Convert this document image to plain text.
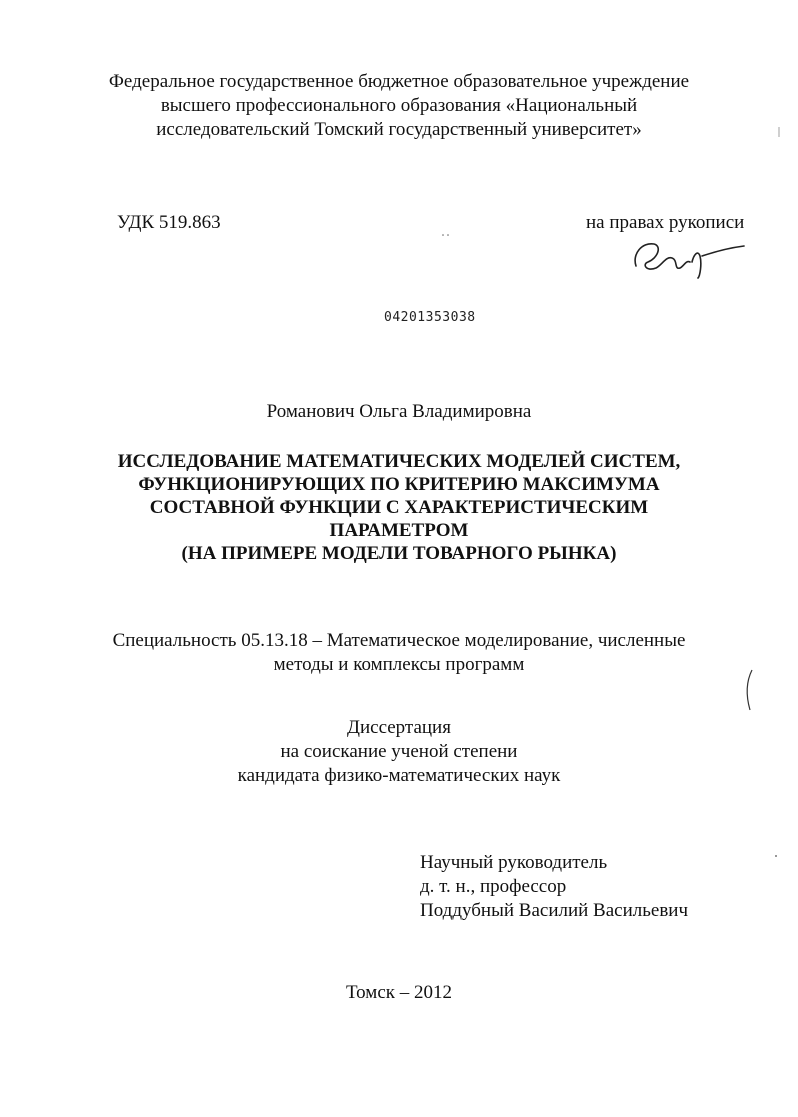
Федеральное государственное бюджетное образовательное учреждение
высшего профессионального образования «Национальный
исследовательский Томский государственный университет»
УДК 519.863	на правах рукописи
04201353038
Романович Ольга Владимировна
ИССЛЕДОВАНИЕ МАТЕМАТИЧЕСКИХ МОДЕЛЕЙ СИСТЕМ,
ФУНКЦИОНИРУЮЩИХ ПО КРИТЕРИЮ МАКСИМУМА
СОСТАВНОЙ ФУНКЦИИ С ХАРАКТЕРИСТИЧЕСКИМ
ПАРАМЕТРОМ
(НА ПРИМЕРЕ МОДЕЛИ ТОВАРНОГО РЫНКА)
Специальность 05.13.18 – Математическое моделирование, численные
методы и комплексы программ
Диссертация
на соискание ученой степени
кандидата физико-математических наук
Научный руководитель
д. т. н., профессор
Поддубный Василий Васильевич
Томск – 2012
